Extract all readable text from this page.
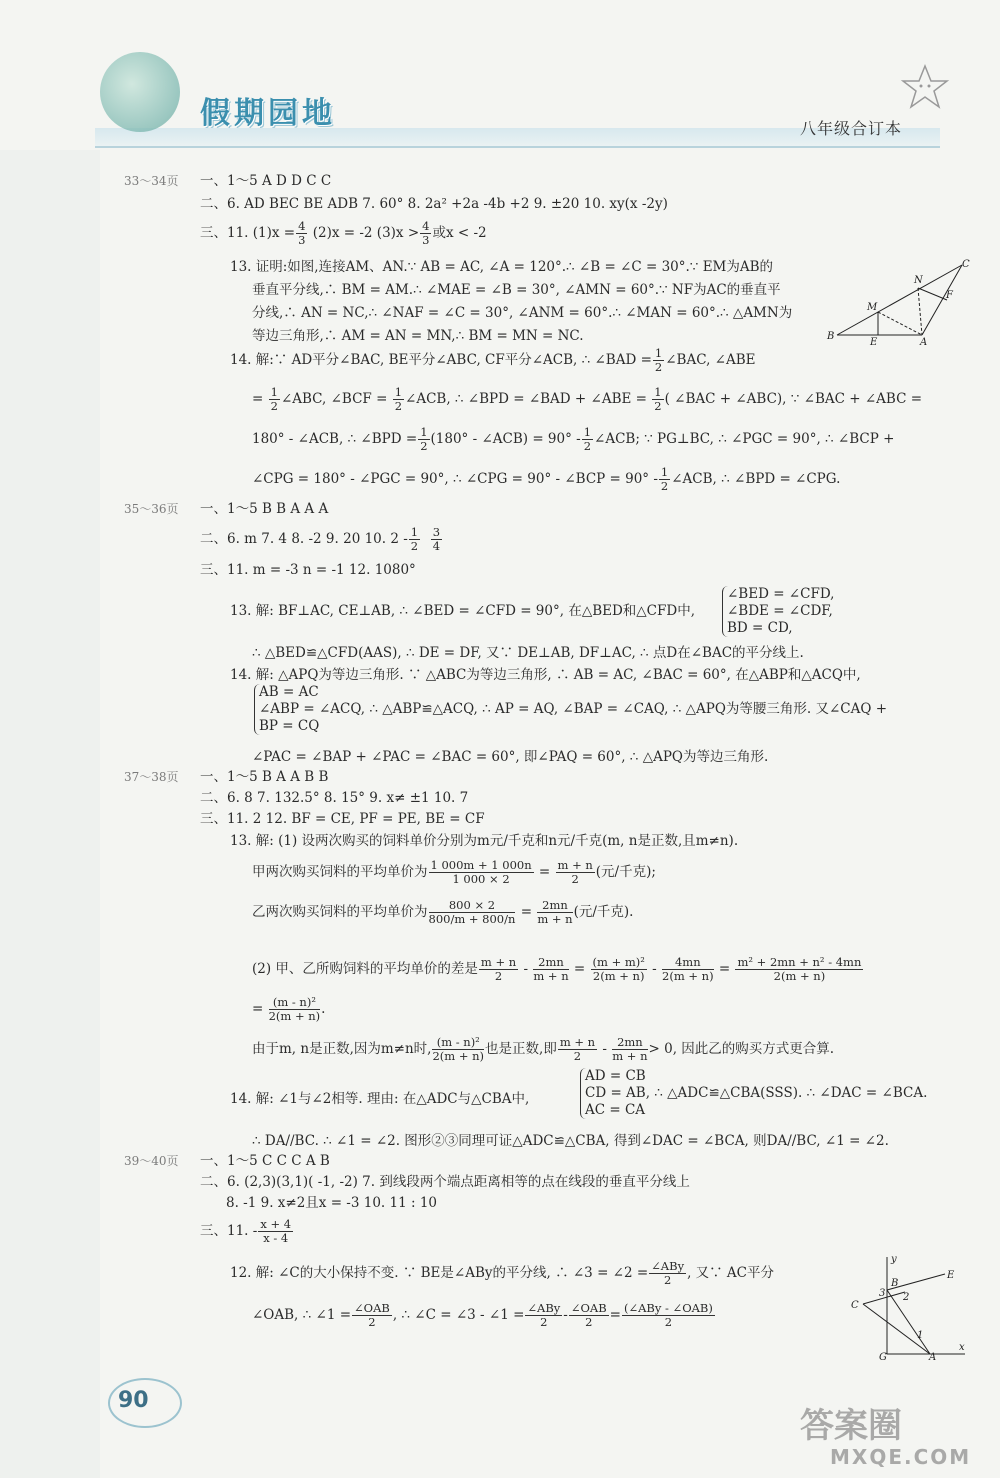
假期园地	八年级合订本
33～34页 一、1～5 A D D C C
二、6. AD BEC BE ADB 7. 60° 8. 2a² +2a -4b +2 9. ±20 10. xy(x -2y)
三、11. $(1)x = \frac{4}{3} (2)x = -2$ $(3)x > \frac{4}{3}$ 或x < -2
13. 证明:如图,连接AM、AN.∵ AB = AC, ∠A = 120°.∴ ∠B = ∠C = 30°.∵ EM为AB的
垂直平分线,∴ BM = AM.∴ ∠MAE = ∠B = 30°, ∠AMN = 60°.∵ NF为AC的垂直平
分线,∴ AN = NC,∴ ∠NAF = ∠C = 30°, ∠ANM = 60°.∴ ∠MAN = 60°.∴ △AMN为
等边三角形,∴ AM = AN = MN,∴ BM = MN = NC.
C
N
F
M
B
E	A
14. 解:∵ AD平分∠BAC, BE平分∠ABC, CF平分∠ACB, ∴ ∠BAD = $\frac{1}{2}$ ∠BAC, ∠ABE
= $\frac{1}{2}$ ∠ABC, ∠BCF = $\frac{1}{2}$ ∠ACB, ∴ ∠BPD = ∠BAD + ∠ABE = $\frac{1}{2}$ ( ∠BAC + ∠ABC), ∵ ∠BAC + ∠ABC =
180° - ∠ACB, ∴ ∠BPD = $\frac{1}{2} (180^\circ$ - ∠ACB) = $90^\circ - \frac{1}{2}$ ∠ACB; ∵ PG⊥BC, ∴ ∠PGC = 90°, ∴ ∠BCP +
∠CPG = 180° - ∠PGC = 90°, ∴ ∠CPG = 90° - ∠BCP = $90^\circ - \frac{1}{2}$ ∠ACB, ∴ ∠BPD = ∠CPG.
35～36页 一、1～5 B B A A A
二、6. m 7. 4 8. -2 9. 20 10. $2 - \frac{1}{2}$
$\frac{3}{4}$
三、11. m = -3 n = -1 12. 1080°
13. 解: BF⊥AC, CE⊥AB, ∴ ∠BED = ∠CFD = 90°, 在△BED和△CFD中,
∠BED = ∠CFD,
∠BDE = ∠CDF,
BD = CD,
∴ △BED≌△CFD(AAS), ∴ DE = DF, 又∵ DE⊥AB, DF⊥AC, ∴ 点D在∠BAC的平分线上.
14. 解: △APQ为等边三角形. ∵ △ABC为等边三角形, ∴ AB = AC, ∠BAC = 60°, 在△ABP和△ACQ中,
AB = AC
∠ABP = ∠ACQ, ∴ △ABP≌△ACQ, ∴ AP = AQ, ∠BAP = ∠CAQ, ∴ △APQ为等腰三角形. 又∠CAQ +
BP = CQ
∠PAC = ∠BAP + ∠PAC = ∠BAC = 60°, 即∠PAQ = 60°, ∴ △APQ为等边三角形.
37～38页 一、1～5 B A A B B
二、6. 8 7. 132.5° 8. 15° 9. x≠ ±1 10. 7
三、11. 2 12. BF = CE, PF = PE, BE = CF
13. 解: (1) 设两次购买的饲料单价分别为m元/千克和n元/千克(m, n是正数,且m≠n).
甲两次购买饲料的平均单价为 $\frac{1 000m + 1 000n}{1 000 \times 2} = \frac{m + n}{2}$ (元/千克);
乙两次购买饲料的平均单价为 $\frac{800 \times 2}{800/m + 800/n} = \frac{2mn}{m + n}$ (元/千克).
(2) 甲、乙所购饲料的平均单价的差是 $\frac{m + n}{2} - \frac{2mn}{m + n} = \frac{\text{(m + m)²}}{2(m + n)} - \frac{4mn}{2(m + n)} = \frac{\text{m² + 2mn + n² - 4mn}}{2(m + n)}$
= $\frac{\text{(m - n)²}}{2(m + n)}$ .
由于m, n是正数,因为m≠n时, $\frac{\text{(m - n)²}}{2(m + n)}$ 也是正数,即 $\frac{m + n}{2} - \frac{2mn}{m + n} > 0$, 因此乙的购买方式更合算.
14. 解: ∠1与∠2相等. 理由: 在△ADC与△CBA中,
AD = CB
CD = AB, ∴ △ADC≌△CBA(SSS). ∴ ∠DAC = ∠BCA.
AC = CA
∴ DA//BC. ∴ ∠1 = ∠2. 图形②③同理可证△ADC≌△CBA, 得到∠DAC = ∠BCA, 则DA//BC, ∠1 = ∠2.
39～40页 一、1～5 C C C A B
二、6. (2,3)(3,1)( -1, -2) 7. 到线段两个端点距离相等的点在线段的垂直平分线上
8. -1 9. x≠2且x = -3 10. 11 : 10
三、11. - $\frac{x + 4}{x - 4}$
12. 解: ∠C的大小保持不变. ∵ BE是∠ABy的平分线, ∴ ∠3 = ∠2 = $\frac{\text{∠ABy}}{2}$ , 又∵ AC平分
∠OAB, ∴ ∠1 = $\frac{\text{∠OAB}}{2}$ , ∴ ∠C = ∠3 - ∠1 = $\frac{\text{∠ABy}}{2} - \frac{\text{∠OAB}}{2} = \frac{\text{(∠ABy - ∠OAB)}}{2}$
y
E
B
3 2
C
1
G	A
x
90
答案圈
MXQE.COM
